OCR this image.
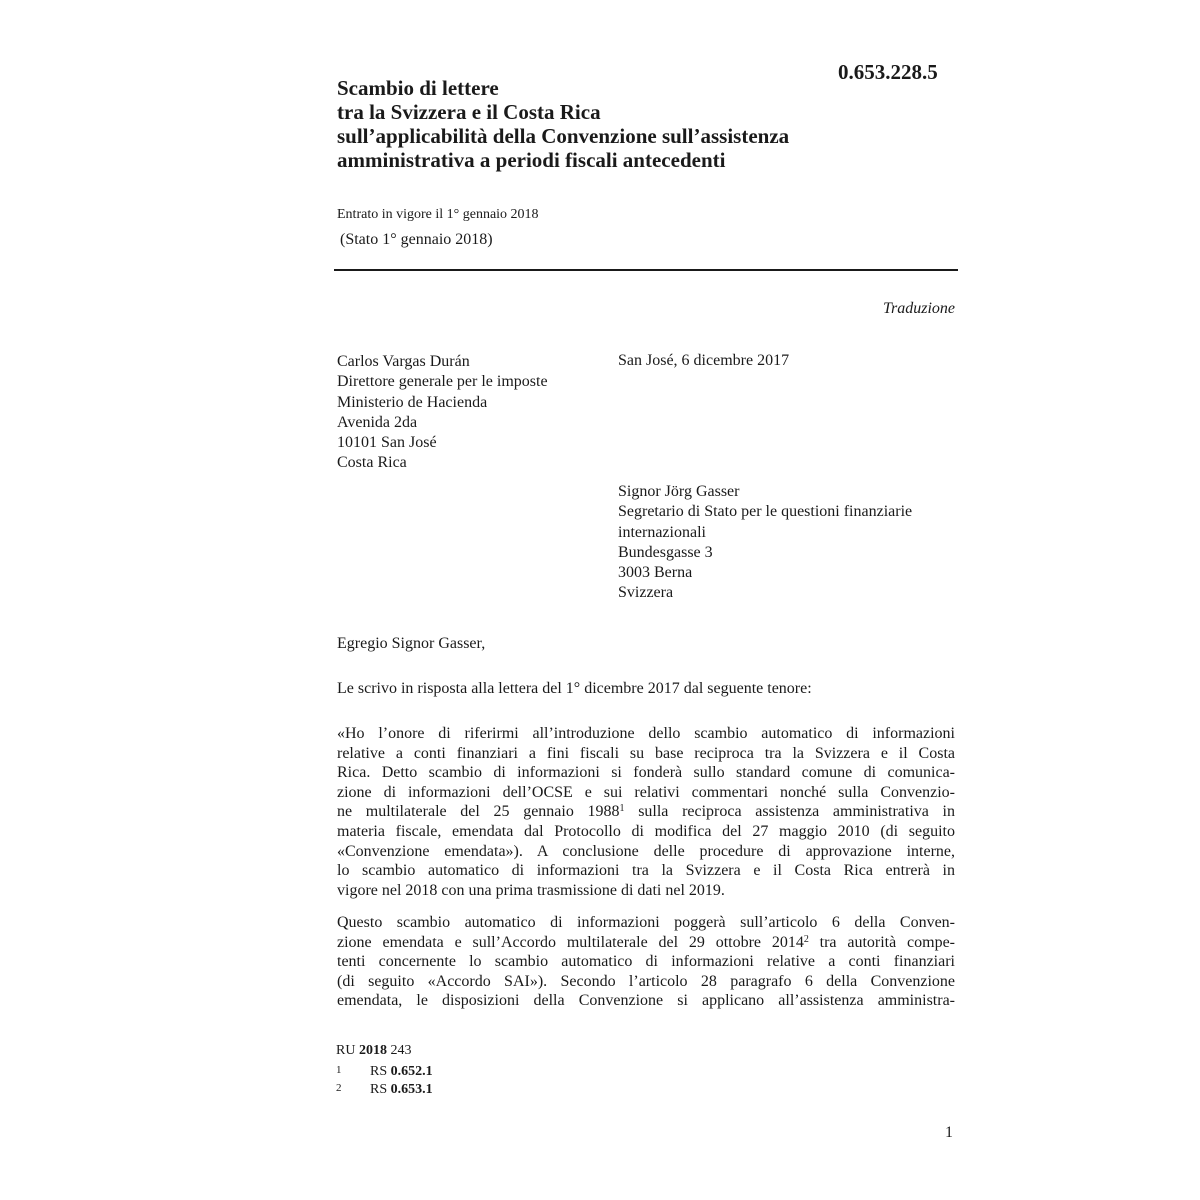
0.653.228.5
Scambio di lettere
tra la Svizzera e il Costa Rica
sull’applicabilità della Convenzione sull’assistenza
amministrativa a periodi fiscali antecedenti
Entrato in vigore il 1° gennaio 2018
(Stato 1° gennaio 2018)
Traduzione
Carlos Vargas Durán
Direttore generale per le imposte
Ministerio de Hacienda
Avenida 2da
10101 San José
Costa Rica
San José, 6 dicembre 2017
Signor Jörg Gasser
Segretario di Stato per le questioni finanziarie
internazionali
Bundesgasse 3
3003 Berna
Svizzera
Egregio Signor Gasser,
Le scrivo in risposta alla lettera del 1° dicembre 2017 dal seguente tenore:
«Ho l’onore di riferirmi all’introduzione dello scambio automatico di informazioni
relative a conti finanziari a fini fiscali su base reciproca tra la Svizzera e il Costa
Rica. Detto scambio di informazioni si fonderà sullo standard comune di comunica-
zione di informazioni dell’OCSE e sui relativi commentari nonché sulla Convenzio-
ne multilaterale del 25 gennaio 1988$^1$ sulla reciproca assistenza amministrativa in
materia fiscale, emendata dal Protocollo di modifica del 27 maggio 2010 (di seguito
«Convenzione emendata»). A conclusione delle procedure di approvazione interne,
lo scambio automatico di informazioni tra la Svizzera e il Costa Rica entrerà in
vigore nel 2018 con una prima trasmissione di dati nel 2019.
Questo scambio automatico di informazioni poggerà sull’articolo 6 della Conven-
zione emendata e sull’Accordo multilaterale del 29 ottobre 2014$^2$ tra autorità compe-
tenti concernente lo scambio automatico di informazioni relative a conti finanziari
(di seguito «Accordo SAI»). Secondo l’articolo 28 paragrafo 6 della Convenzione
emendata, le disposizioni della Convenzione si applicano all’assistenza amministra-
RU 2018 243
1 RS 0.652.1
2 RS 0.653.1
1
